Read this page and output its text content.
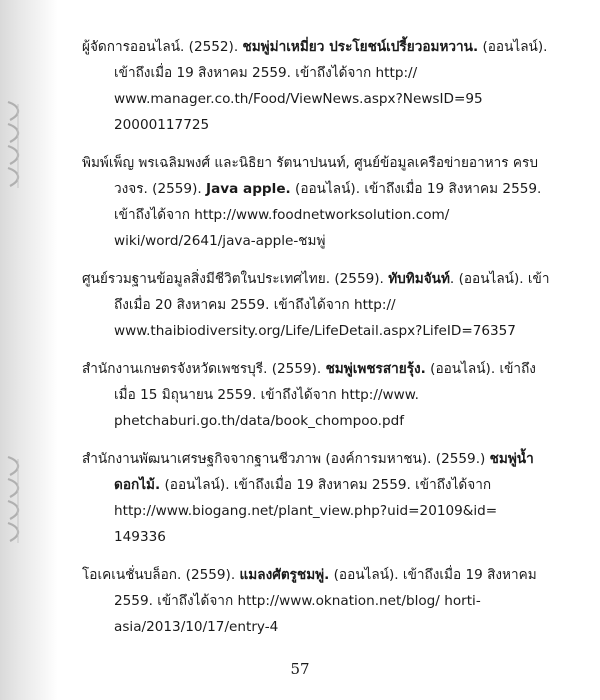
ผู้จัดการออนไลน์. (2552). ชมพู่ม่าเหมี่ยว ประโยชน์เปรี้ยวอมหวาน. (ออนไลน์). เข้าถึงเมื่อ 19 สิงหาคม 2559. เข้าถึงได้จาก http:// www.manager.co.th/Food/ViewNews.aspx?NewsID=95 20000117725

พิมพ์เพ็ญ พรเฉลิมพงศ์ และนิธิยา รัตนาปนนท์, ศูนย์ข้อมูลเครือข่ายอาหาร ครบวงจร. (2559). Java apple. (ออนไลน์). เข้าถึงเมื่อ 19 สิงหาคม 2559. เข้าถึงได้จาก http://www.foodnetworksolution.com/ wiki/word/2641/java-apple-ชมพู่

ศูนย์รวมฐานข้อมูลสิ่งมีชีวิตในประเทศไทย. (2559). ทับทิมจันท์. (ออนไลน์). เข้าถึงเมื่อ 20 สิงหาคม 2559. เข้าถึงได้จาก http:// www.thaibiodiversity.org/Life/LifeDetail.aspx?LifeID=76357

สำนักงานเกษตรจังหวัดเพชรบุรี. (2559). ชมพู่เพชรสายรุ้ง. (ออนไลน์). เข้าถึงเมื่อ 15 มิถุนายน 2559. เข้าถึงได้จาก http://www. phetchaburi.go.th/data/book_chompoo.pdf

สำนักงานพัฒนาเศรษฐกิจจากฐานชีวภาพ (องค์การมหาชน). (2559.) ชมพู่น้ำดอกไม้. (ออนไลน์). เข้าถึงเมื่อ 19 สิงหาคม 2559. เข้าถึงได้จาก http://www.biogang.net/plant_view.php?uid=20109&id= 149336

โอเคเนชั่นบล็อก. (2559). แมลงศัตรูชมพู่. (ออนไลน์). เข้าถึงเมื่อ 19 สิงหาคม 2559. เข้าถึงได้จาก http://www.oknation.net/blog/ horti-asia/2013/10/17/entry-4

57
